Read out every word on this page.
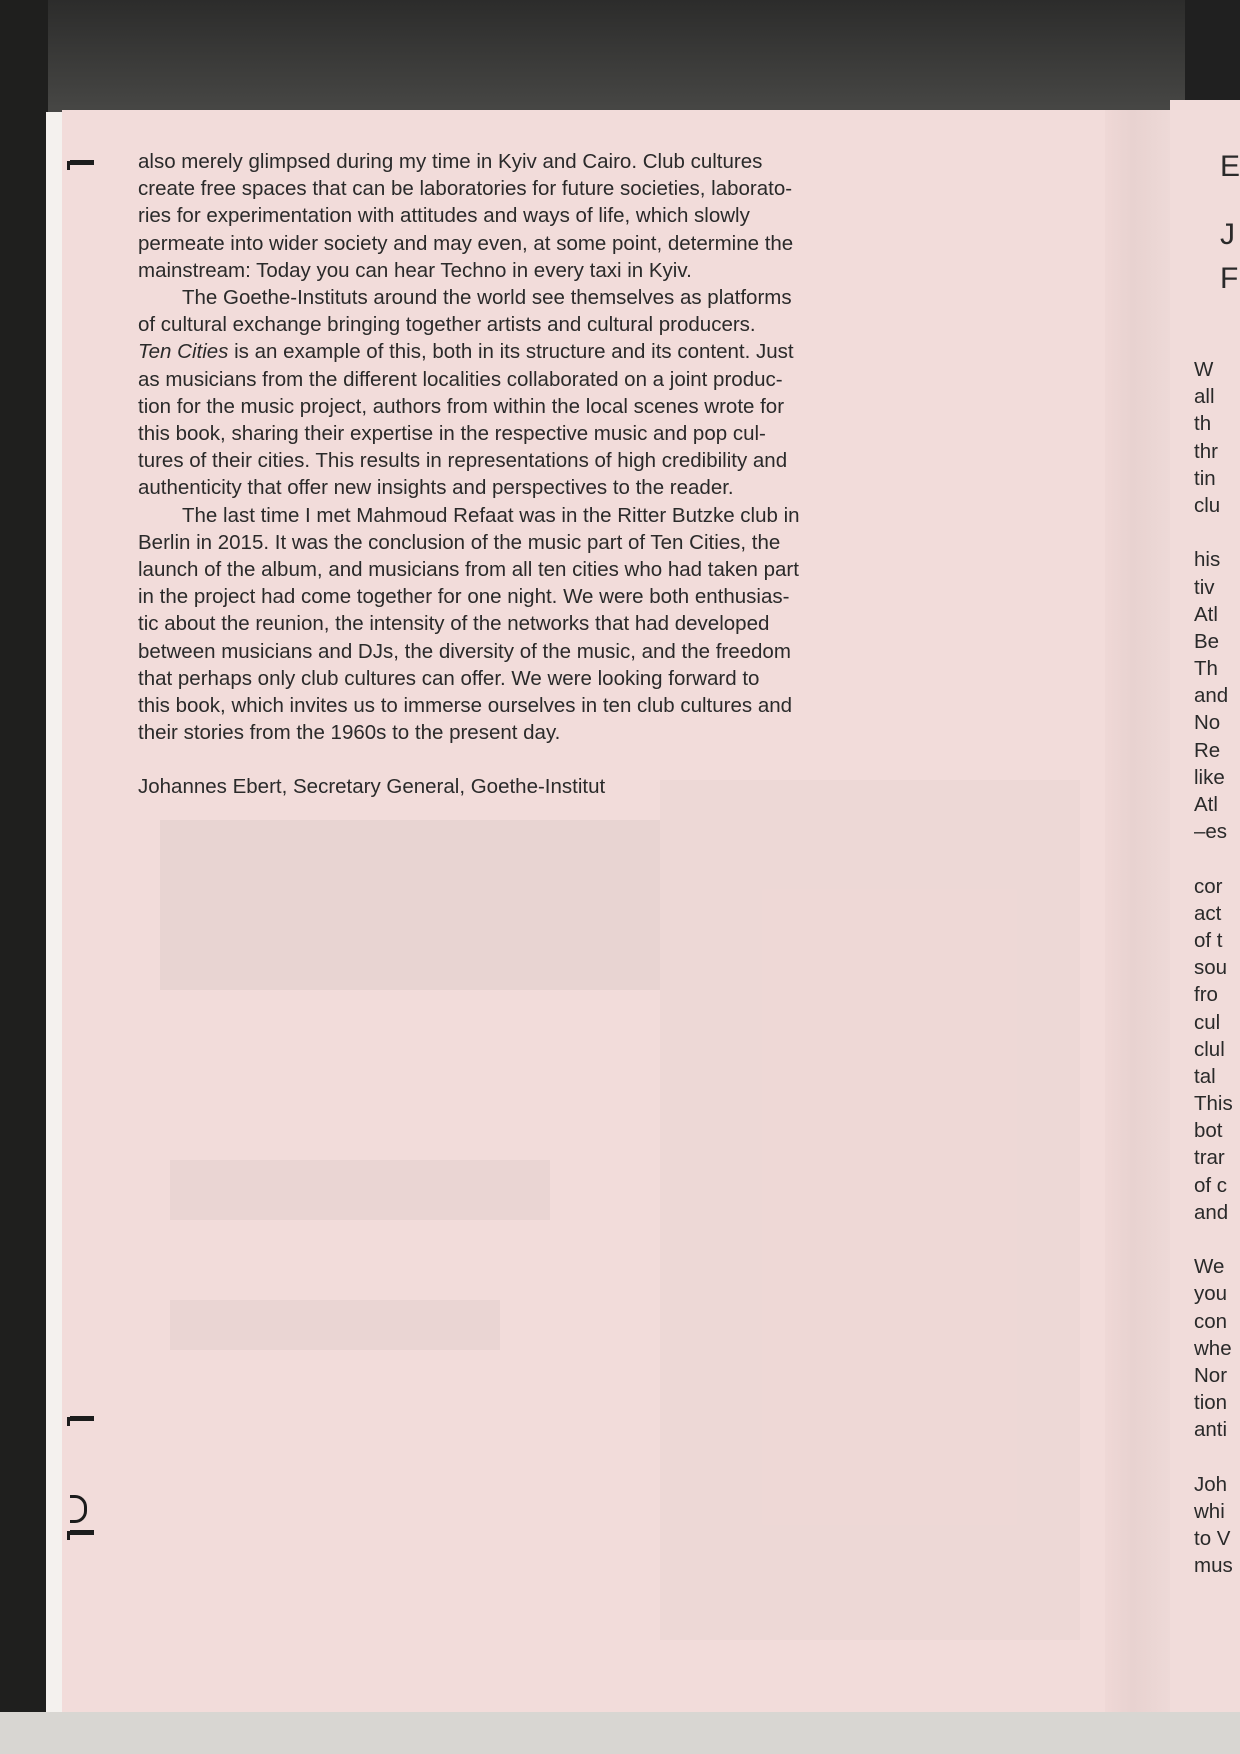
also merely glimpsed during my time in Kyiv and Cairo. Club cultures

create free spaces that can be laboratories for future societies, laborato-

ries for experimentation with attitudes and ways of life, which slowly

permeate into wider society and may even, at some point, determine the

mainstream: Today you can hear Techno in every taxi in Kyiv.

The Goethe-Instituts around the world see themselves as platforms

of cultural exchange bringing together artists and cultural producers.

Ten Cities is an example of this, both in its structure and its content. Just

as musicians from the different localities collaborated on a joint produc-

tion for the music project, authors from within the local scenes wrote for

this book, sharing their expertise in the respective music and pop cul-

tures of their cities. This results in representations of high credibility and

authenticity that offer new insights and perspectives to the reader.

The last time I met Mahmoud Refaat was in the Ritter Butzke club in

Berlin in 2015. It was the conclusion of the music part of Ten Cities, the

launch of the album, and musicians from all ten cities who had taken part

in the project had come together for one night. We were both enthusias-

tic about the reunion, the intensity of the networks that had developed

between musicians and DJs, the diversity of the music, and the freedom

that perhaps only club cultures can offer. We were looking forward to

this book, which invites us to immerse ourselves in ten club cultures and

their stories from the 1960s to the present day.

Johannes Ebert, Secretary General, Goethe-Institut

E
J
F
W
all
th
thr
tin
clu
his
tiv
Atl
Be
Th
and
No
Re
like
Atl
–es
cor
act
of t
sou
fro
cul
clul
tal
This
bot
trar
of c
and
We
you
con
whe
Nor
tion
anti
Joh
whi
to V
mus
